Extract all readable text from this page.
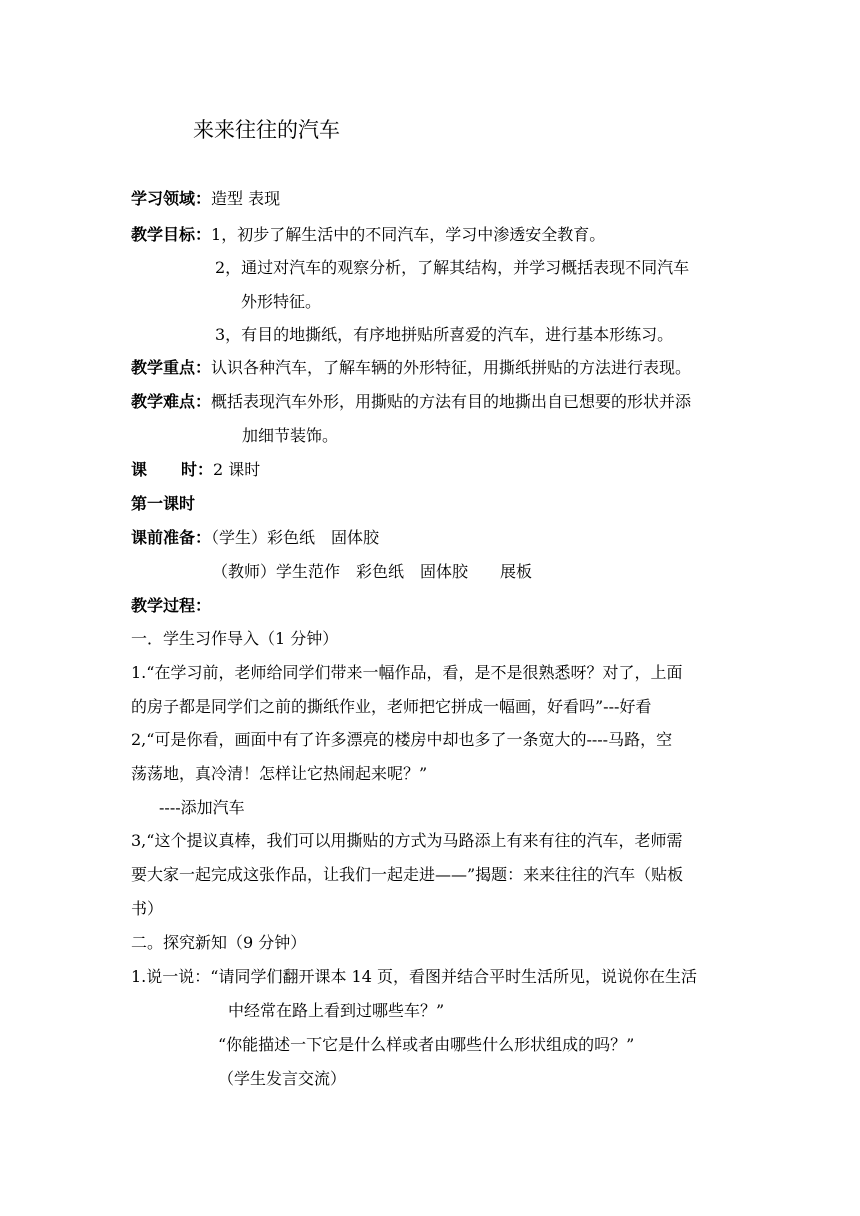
来来往往的汽车
学习领域：造型 表现
教学目标：1，初步了解生活中的不同汽车，学习中渗透安全教育。
2，通过对汽车的观察分析，了解其结构，并学习概括表现不同汽车
外形特征。
3，有目的地撕纸，有序地拼贴所喜爱的汽车，进行基本形练习。
教学重点：认识各种汽车，了解车辆的外形特征，用撕纸拼贴的方法进行表现。
教学难点：概括表现汽车外形，用撕贴的方法有目的地撕出自已想要的形状并添
加细节装饰。
课 时：2 课时
第一课时
课前准备：（学生）彩色纸　固体胶
（教师）学生范作　彩色纸　固体胶　　展板
教学过程：
一．学生习作导入（1 分钟）
1.“在学习前，老师给同学们带来一幅作品，看，是不是很熟悉呀？对了，上面
的房子都是同学们之前的撕纸作业，老师把它拼成一幅画，好看吗”---好看
2,“可是你看，画面中有了许多漂亮的楼房中却也多了一条宽大的----马路，空
荡荡地，真冷清！怎样让它热闹起来呢？”
----添加汽车
3,“这个提议真棒，我们可以用撕贴的方式为马路添上有来有往的汽车，老师需
要大家一起完成这张作品，让我们一起走进——”揭题：来来往往的汽车（贴板
书）
二。探究新知（9 分钟）
1.说一说：“请同学们翻开课本 14 页，看图并结合平时生活所见，说说你在生活
中经常在路上看到过哪些车？”
“你能描述一下它是什么样或者由哪些什么形状组成的吗？”
（学生发言交流）
